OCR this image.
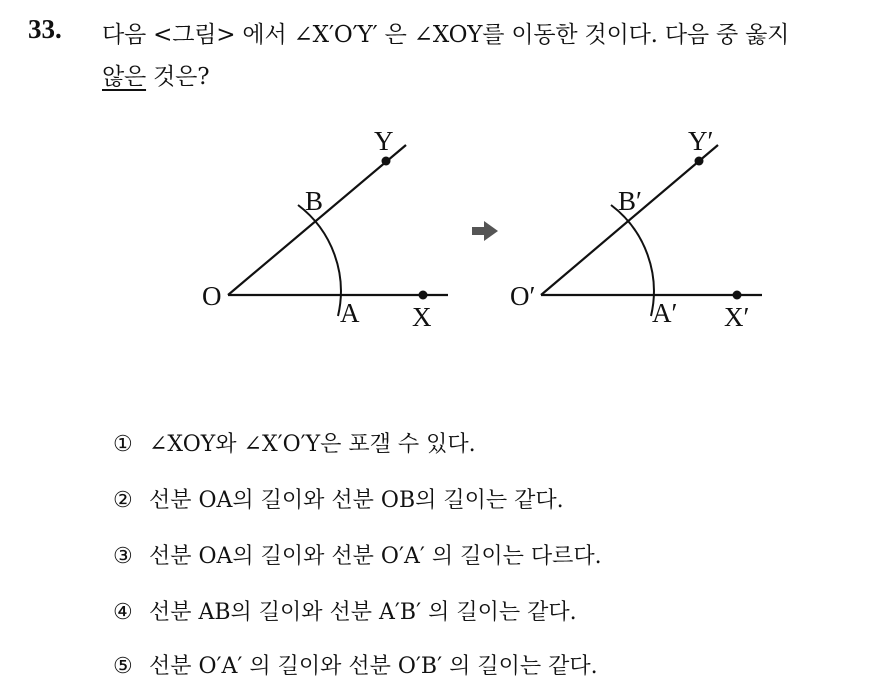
33. 다음 <그림> 에서 ∠X′O′Y′ 은 ∠XOY를 이동한 것이다. 다음 중 옳지
않은 것은?
O
A
B
X
Y
O′
A′
B′
X′
Y′
① ∠XOY와 ∠X′O′Y은 포갤 수 있다.
② 선분 OA의 길이와 선분 OB의 길이는 같다.
③ 선분 OA의 길이와 선분 O′A′ 의 길이는 다르다.
④ 선분 AB의 길이와 선분 A′B′ 의 길이는 같다.
⑤ 선분 O′A′ 의 길이와 선분 O′B′ 의 길이는 같다.
